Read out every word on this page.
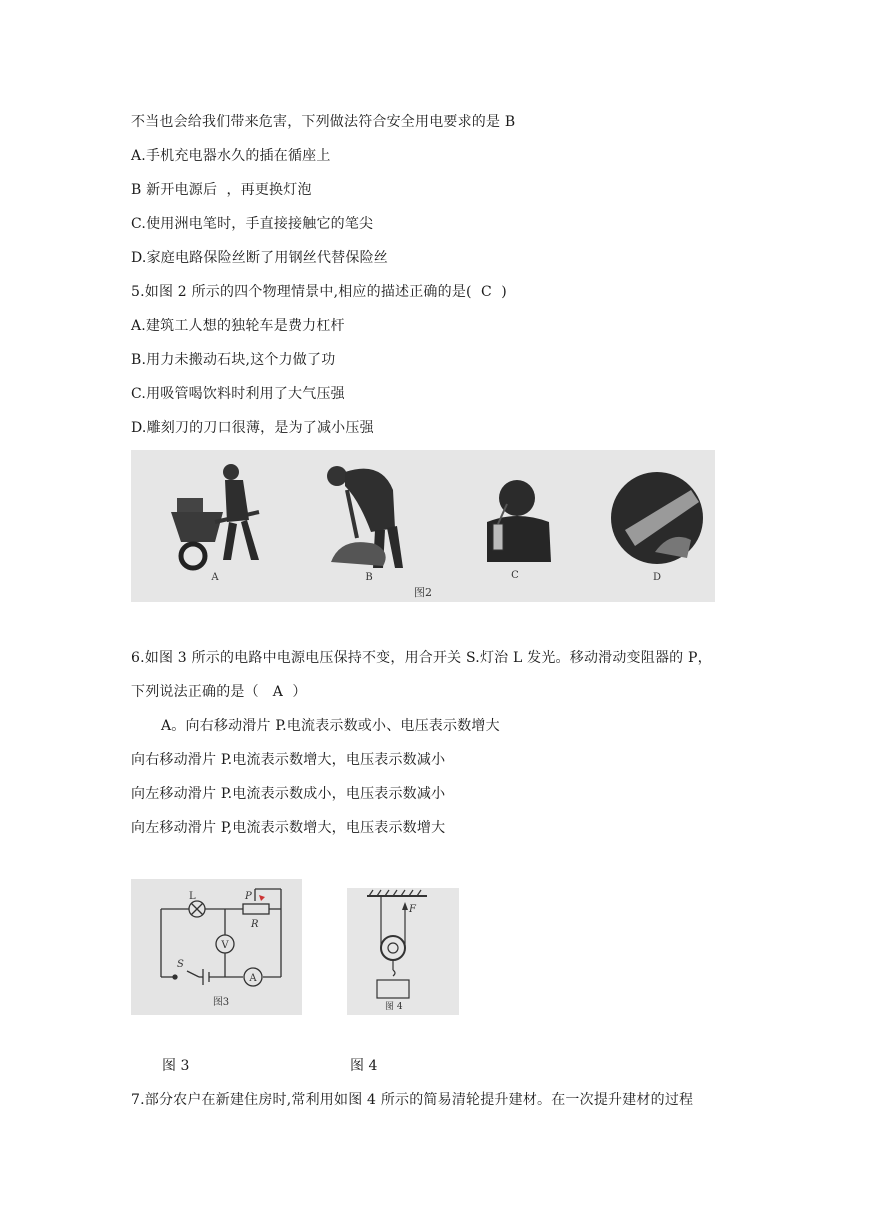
不当也会给我们带来危害，下列做法符合安全用电要求的是 B
A.手机充电器水久的插在循座上
B 新开电源后  ，再更换灯泡
C.使用洲电笔时，手直接接触它的笔尖
D.家庭电路保险丝断了用钢丝代替保险丝
5.如图 2 所示的四个物理情景中,相应的描述正确的是(  C  )
A.建筑工人想的独轮车是费力杠杆
B.用力未搬动石块,这个力做了功
C.用吸管喝饮料时利用了大气压强
D.雕刻刀的刀口很薄，是为了减小压强
A	B	C	D
图2
6.如图 3 所示的电路中电源电压保持不变，用合开关 S.灯治 L 发光。移动滑动变阻器的 P，
下列说法正确的是（   A  ）
A。向右移动滑片 P.电流表示数或小、电压表示数增大
向右移动滑片 P.电流表示数增大，电压表示数减小
向左移动滑片 P.电流表示数成小，电压表示数减小
向左移动滑片 P,电流表示数增大，电压表示数增大
L	P
R
V
A
S
图3
F
图 4
图 3	图 4
7.部分农户在新建住房时,常利用如图 4 所示的简易清轮提升建材。在一次提升建材的过程
